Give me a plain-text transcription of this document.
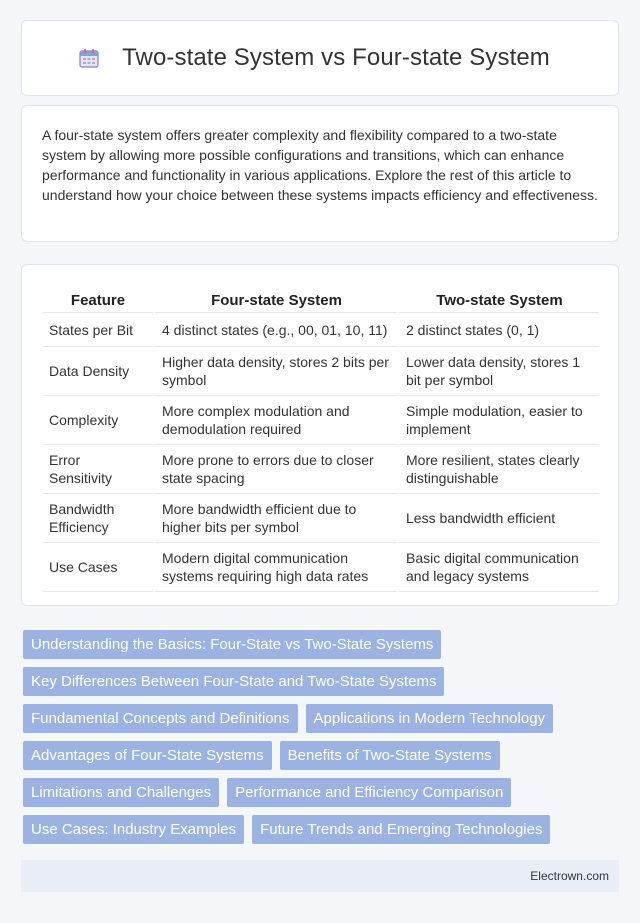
Two-state System vs Four-state System

A four-state system offers greater complexity and flexibility compared to a two-state system by allowing more possible configurations and transitions, which can enhance performance and functionality in various applications. Explore the rest of this article to understand how your choice between these systems impacts efficiency and effectiveness.

Feature	Four-state System	Two-state System
States per Bit	4 distinct states (e.g., 00, 01, 10, 11)	2 distinct states (0, 1)
Data Density	Higher data density, stores 2 bits per symbol	Lower data density, stores 1 bit per symbol
Complexity	More complex modulation and demodulation required	Simple modulation, easier to implement
Error Sensitivity	More prone to errors due to closer state spacing	More resilient, states clearly distinguishable
Bandwidth Efficiency	More bandwidth efficient due to higher bits per symbol	Less bandwidth efficient
Use Cases	Modern digital communication systems requiring high data rates	Basic digital communication and legacy systems
Understanding the Basics: Four-State vs Two-State Systems
Key Differences Between Four-State and Two-State Systems
Fundamental Concepts and Definitions	Applications in Modern Technology
Advantages of Four-State Systems	Benefits of Two-State Systems
Limitations and Challenges	Performance and Efficiency Comparison
Use Cases: Industry Examples	Future Trends and Emerging Technologies
Electrown.com
